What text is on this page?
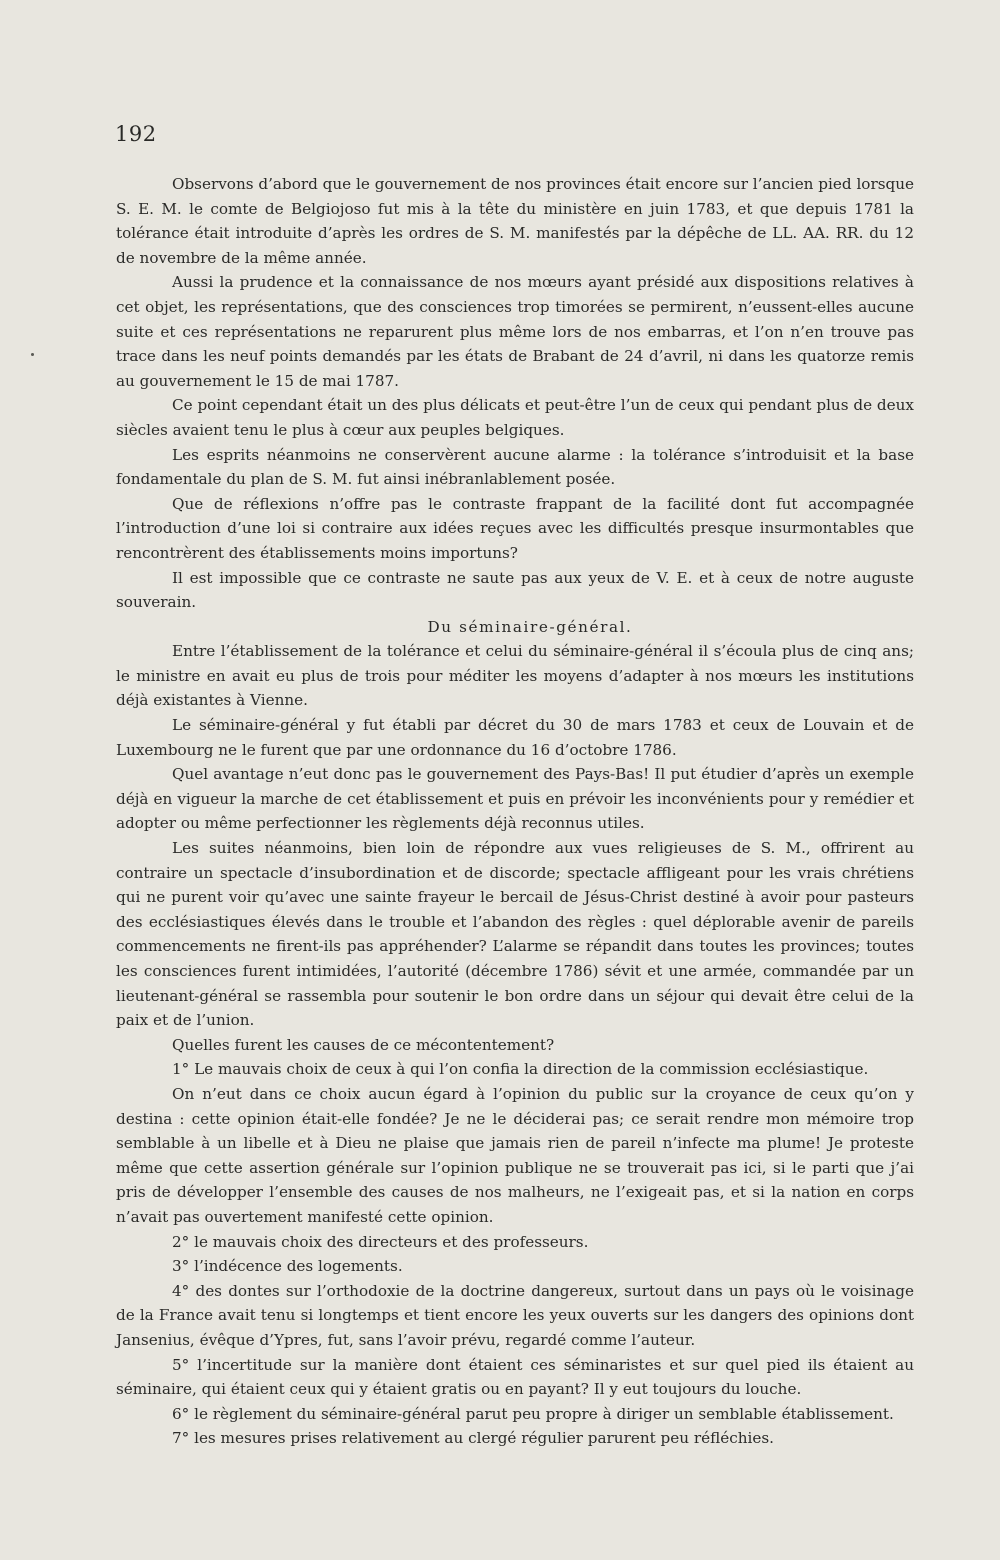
192

Observons d’abord que le gouvernement de nos provinces était encore sur l’ancien pied lorsque S. E. M. le comte de Belgiojoso fut mis à la tête du ministère en juin 1783, et que depuis 1781 la tolérance était introduite d’après les ordres de S. M. manifestés par la dépêche de LL. AA. RR. du 12 de novembre de la même année.

Aussi la prudence et la connaissance de nos mœurs ayant présidé aux dispositions relatives à cet objet, les représentations, que des consciences trop timorées se permirent, n’eussent-elles aucune suite et ces représentations ne reparurent plus même lors de nos embarras, et l’on n’en trouve pas trace dans les neuf points demandés par les états de Brabant de 24 d’avril, ni dans les quatorze remis au gouvernement le 15 de mai 1787.

Ce point cependant était un des plus délicats et peut-être l’un de ceux qui pendant plus de deux siècles avaient tenu le plus à cœur aux peuples belgiques.

Les esprits néanmoins ne conservèrent aucune alarme : la tolérance s’introduisit et la base fondamentale du plan de S. M. fut ainsi inébranlablement posée.

Que de réflexions n’offre pas le contraste frappant de la facilité dont fut accompagnée l’introduction d’une loi si contraire aux idées reçues avec les difficultés presque insurmontables que rencontrèrent des établissements moins importuns?

Il est impossible que ce contraste ne saute pas aux yeux de V. E. et à ceux de notre auguste souverain.

Du séminaire-général.

Entre l’établissement de la tolérance et celui du séminaire-général il s’écoula plus de cinq ans; le ministre en avait eu plus de trois pour méditer les moyens d’adapter à nos mœurs les institutions déjà existantes à Vienne.

Le séminaire-général y fut établi par décret du 30 de mars 1783 et ceux de Louvain et de Luxembourg ne le furent que par une ordonnance du 16 d’octobre 1786.

Quel avantage n’eut donc pas le gouvernement des Pays-Bas! Il put étudier d’après un exemple déjà en vigueur la marche de cet établissement et puis en prévoir les inconvénients pour y remédier et adopter ou même perfectionner les règlements déjà reconnus utiles.

Les suites néanmoins, bien loin de répondre aux vues religieuses de S. M., offrirent au contraire un spectacle d’insubordination et de discorde; spectacle affligeant pour les vrais chrétiens qui ne purent voir qu’avec une sainte frayeur le bercail de Jésus-Christ destiné à avoir pour pasteurs des ecclésiastiques élevés dans le trouble et l’abandon des règles : quel déplorable avenir de pareils commencements ne firent-ils pas appréhender? L’alarme se répandit dans toutes les provinces; toutes les consciences furent intimidées, l’autorité (décembre 1786) sévit et une armée, commandée par un lieutenant-général se rassembla pour soutenir le bon ordre dans un séjour qui devait être celui de la paix et de l’union.

Quelles furent les causes de ce mécontentement?

1° Le mauvais choix de ceux à qui l’on confia la direction de la commission ecclésiastique.

On n’eut dans ce choix aucun égard à l’opinion du public sur la croyance de ceux qu’on y destina : cette opinion était-elle fondée? Je ne le déciderai pas; ce serait rendre mon mémoire trop semblable à un libelle et à Dieu ne plaise que jamais rien de pareil n’infecte ma plume! Je proteste même que cette assertion générale sur l’opinion publique ne se trouverait pas ici, si le parti que j’ai pris de développer l’ensemble des causes de nos malheurs, ne l’exigeait pas, et si la nation en corps n’avait pas ouvertement manifesté cette opinion.

2° le mauvais choix des directeurs et des professeurs.

3° l’indécence des logements.

4° des dontes sur l’orthodoxie de la doctrine dangereux, surtout dans un pays où le voisinage de la France avait tenu si longtemps et tient encore les yeux ouverts sur les dangers des opinions dont Jansenius, évêque d’Ypres, fut, sans l’avoir prévu, regardé comme l’auteur.

5° l’incertitude sur la manière dont étaient ces séminaristes et sur quel pied ils étaient au séminaire, qui étaient ceux qui y étaient gratis ou en payant? Il y eut toujours du louche.

6° le règlement du séminaire-général parut peu propre à diriger un semblable établissement.

7° les mesures prises relativement au clergé régulier parurent peu réfléchies.
